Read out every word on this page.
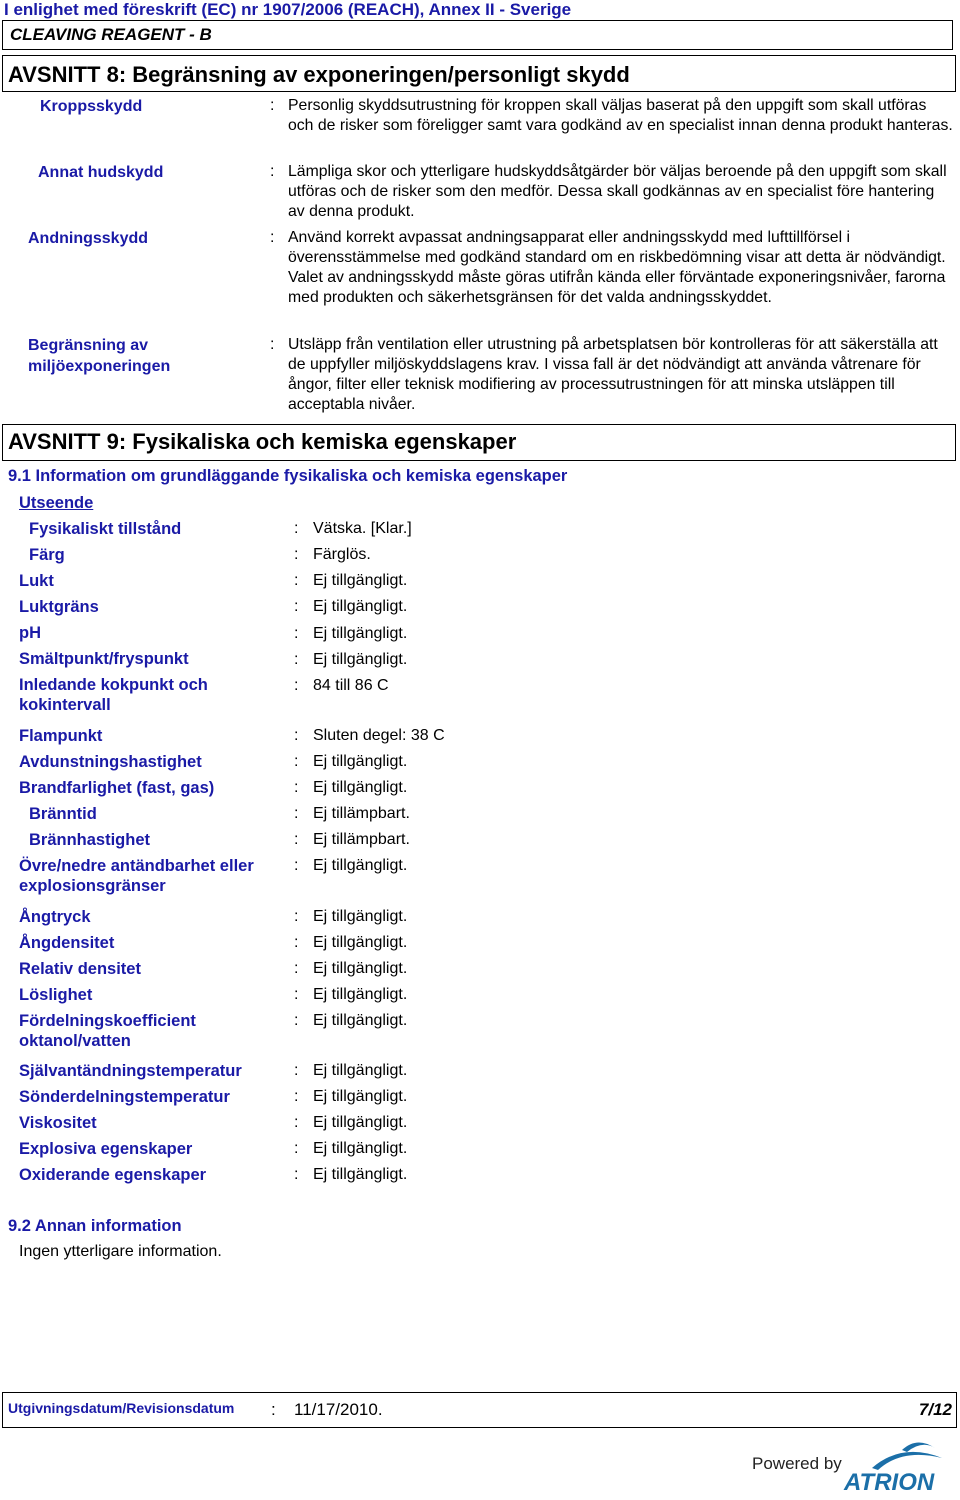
I enlighet med föreskrift (EC) nr 1907/2006 (REACH), Annex II - Sverige
CLEAVING REAGENT - B
AVSNITT 8: Begränsning av exponeringen/personligt skydd
Kroppsskydd	: Personlig skyddsutrustning för kroppen skall väljas baserat på den uppgift som skall utföras och de risker som föreligger samt vara godkänd av en specialist innan denna produkt hanteras.
Annat hudskydd	: Lämpliga skor och ytterligare hudskyddsåtgärder bör väljas beroende på den uppgift som skall utföras och de risker som den medför. Dessa skall godkännas av en specialist före hantering av denna produkt.
Andningsskydd	: Använd korrekt avpassat andningsapparat eller andningsskydd med lufttillförsel i överensstämmelse med godkänd standard om en riskbedömning visar att detta är nödvändigt. Valet av andningsskydd måste göras utifrån kända eller förväntade exponeringsnivåer, farorna med produkten och säkerhetsgränsen för det valda andningsskyddet.
Begränsning av miljöexponeringen
: Utsläpp från ventilation eller utrustning på arbetsplatsen bör kontrolleras för att säkerställa att de uppfyller miljöskyddslagens krav. I vissa fall är det nödvändigt att använda våtrenare för ångor, filter eller teknisk modifiering av processutrustningen för att minska utsläppen till acceptabla nivåer.
AVSNITT 9: Fysikaliska och kemiska egenskaper
9.1 Information om grundläggande fysikaliska och kemiska egenskaper
Utseende
Fysikaliskt tillstånd	: Vätska. [Klar.]
Färg	: Färglös.
Lukt	: Ej tillgängligt.
Luktgräns	: Ej tillgängligt.
pH	: Ej tillgängligt.
Smältpunkt/fryspunkt	: Ej tillgängligt.
Inledande kokpunkt och kokintervall
: 84 till 86 C
Flampunkt	: Sluten degel: 38 C
Avdunstningshastighet	: Ej tillgängligt.
Brandfarlighet (fast, gas)	: Ej tillgängligt.
Bränntid	: Ej tillämpbart.
Brännhastighet	: Ej tillämpbart.
Övre/nedre antändbarhet eller explosionsgränser
: Ej tillgängligt.
Ångtryck	: Ej tillgängligt.
Ångdensitet	: Ej tillgängligt.
Relativ densitet	: Ej tillgängligt.
Löslighet	: Ej tillgängligt.
Fördelningskoefficient oktanol/vatten
: Ej tillgängligt.
Självantändningstemperatur	: Ej tillgängligt.
Sönderdelningstemperatur	: Ej tillgängligt.
Viskositet	: Ej tillgängligt.
Explosiva egenskaper	: Ej tillgängligt.
Oxiderande egenskaper	: Ej tillgängligt.
9.2 Annan information
Ingen ytterligare information.
Utgivningsdatum/Revisionsdatum : 11/17/2010.	7/12
Powered by
ATRION
